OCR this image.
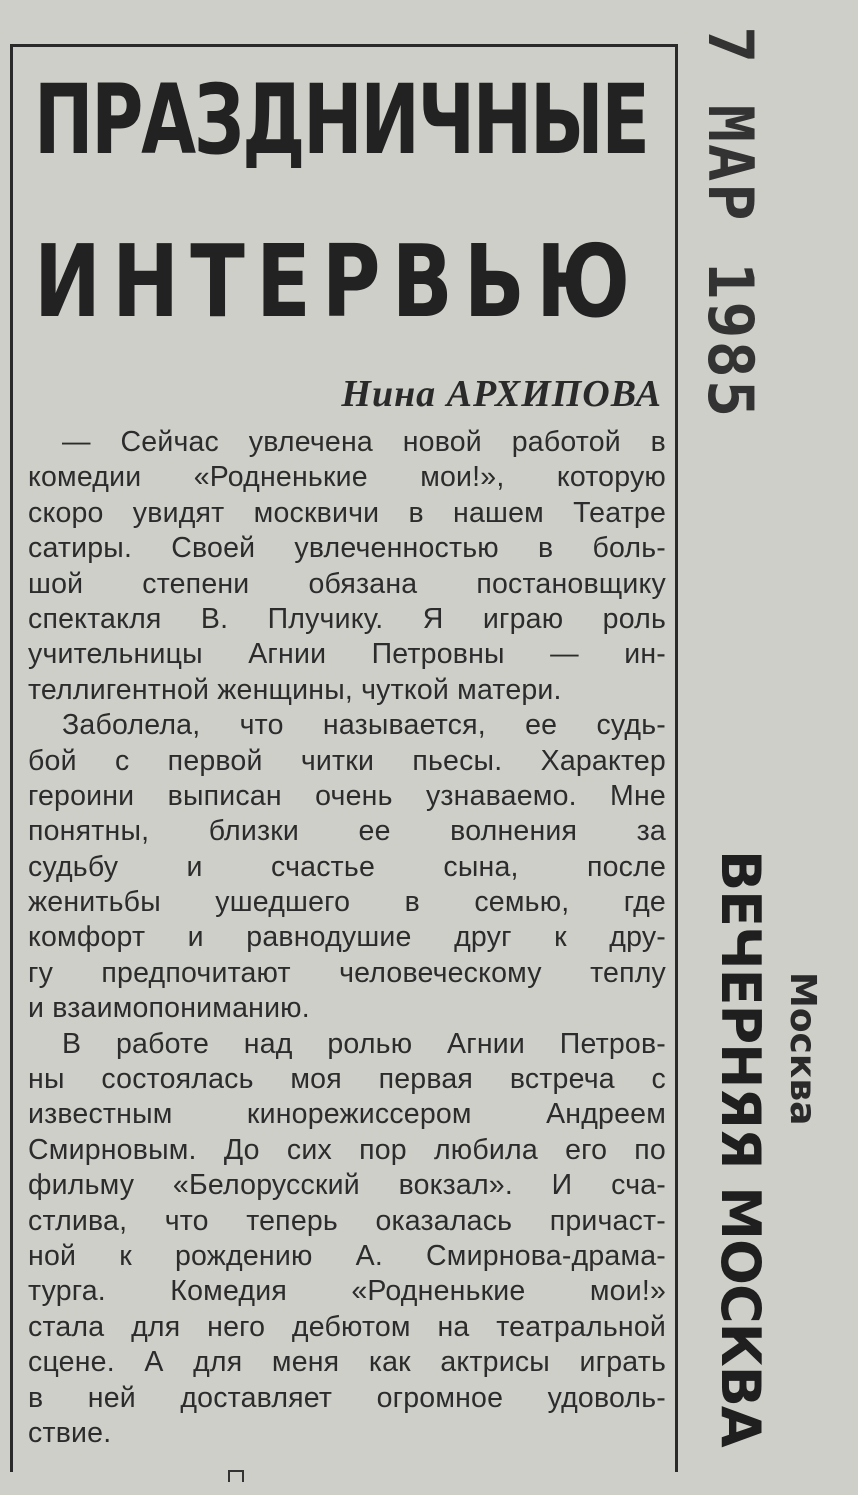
ПРАЗДНИЧНЫЕ
ИНТЕРВЬЮ
Нина АРХИПОВА
— Сейчас увлечена новой работой в
комедии «Родненькие мои!», которую
скоро увидят москвичи в нашем Театре
сатиры. Своей увлеченностью в боль-
шой степени обязана постановщику
спектакля В. Плучику. Я играю роль
учительницы Агнии Петровны — ин-
теллигентной женщины, чуткой матери.
Заболела, что называется, ее судь-
бой с первой читки пьесы. Характер
героини выписан очень узнаваемо. Мне
понятны, близки ее волнения за
судьбу и счастье сына, после
женитьбы ушедшего в семью, где
комфорт и равнодушие друг к дру-
гу предпочитают человеческому теплу
и взаимопониманию.
В работе над ролью Агнии Петров-
ны состоялась моя первая встреча с
известным кинорежиссером Андреем
Смирновым. До сих пор любила его по
фильму «Белорусский вокзал». И сча-
стлива, что теперь оказалась причаст-
ной к рождению А. Смирнова-драма-
турга. Комедия «Родненькие мои!»
стала для него дебютом на театральной
сцене. А для меня как актрисы играть
в ней доставляет огромное удоволь-
ствие.
7 МАР 1985
ВЕЧЕРНЯЯ МОСКВА Москва
